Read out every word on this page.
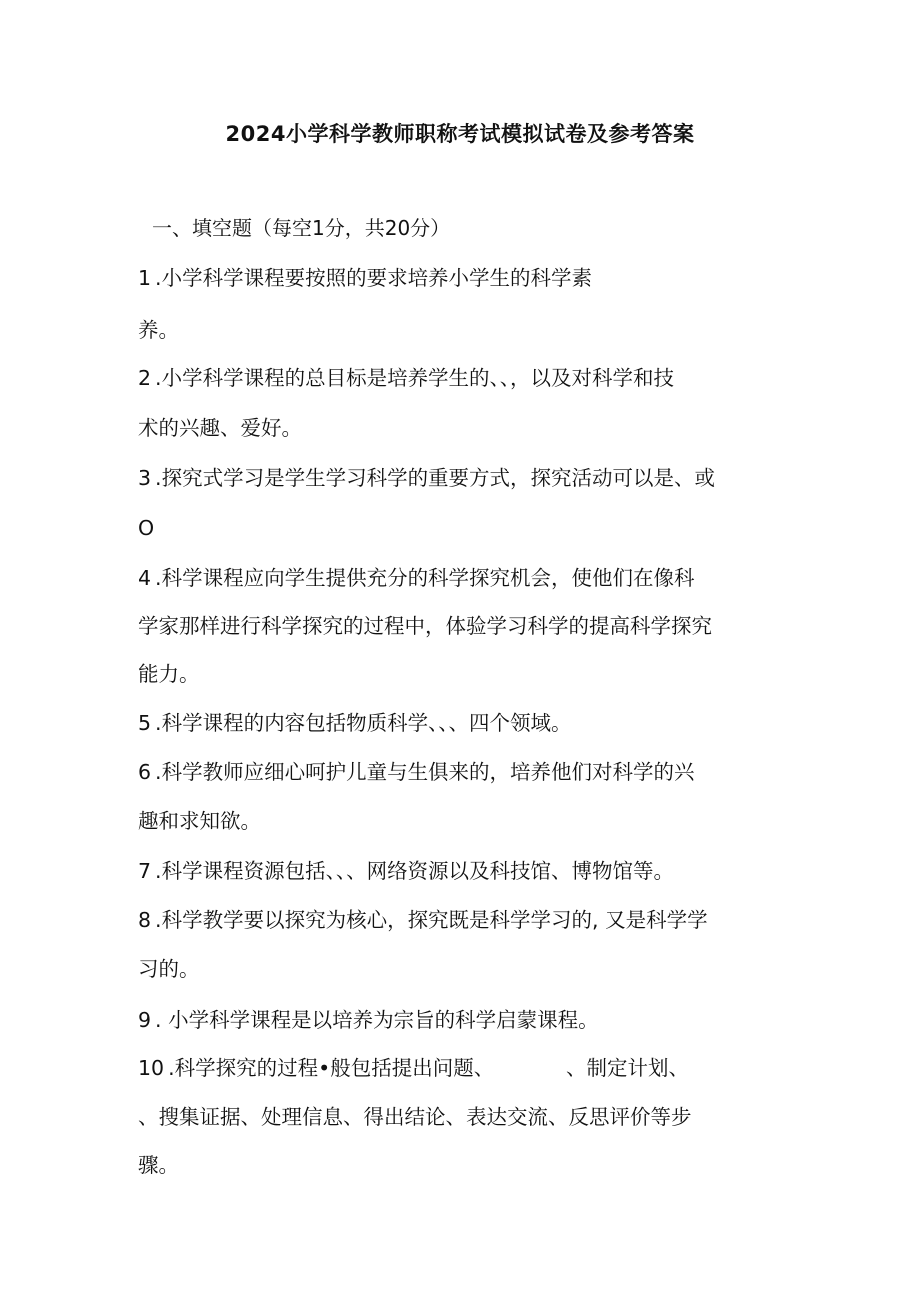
2024小学科学教师职称考试模拟试卷及参考答案
一、填空题（每空1分，共20分）
1 .小学科学课程要按照的要求培养小学生的科学素
养。
2 .小学科学课程的总目标是培养学生的、、，以及对科学和技
术的兴趣、爱好。
3 .探究式学习是学生学习科学的重要方式，探究活动可以是、或
O
4 .科学课程应向学生提供充分的科学探究机会，使他们在像科
学家那样进行科学探究的过程中，体验学习科学的提高科学探究
能力。
5 .科学课程的内容包括物质科学、、、四个领域。
6 .科学教师应细心呵护儿童与生俱来的，培养他们对科学的兴
趣和求知欲。
7 .科学课程资源包括、、、网络资源以及科技馆、博物馆等。
8 .科学教学要以探究为核心，探究既是科学学习的, 又是科学学
习的。
9 . 小学科学课程是以培养为宗旨的科学启蒙课程。
10 .科学探究的过程•般包括提出问题、　　　　、制定计划、
、搜集证据、处理信息、得出结论、表达交流、反思评价等步
骤。
